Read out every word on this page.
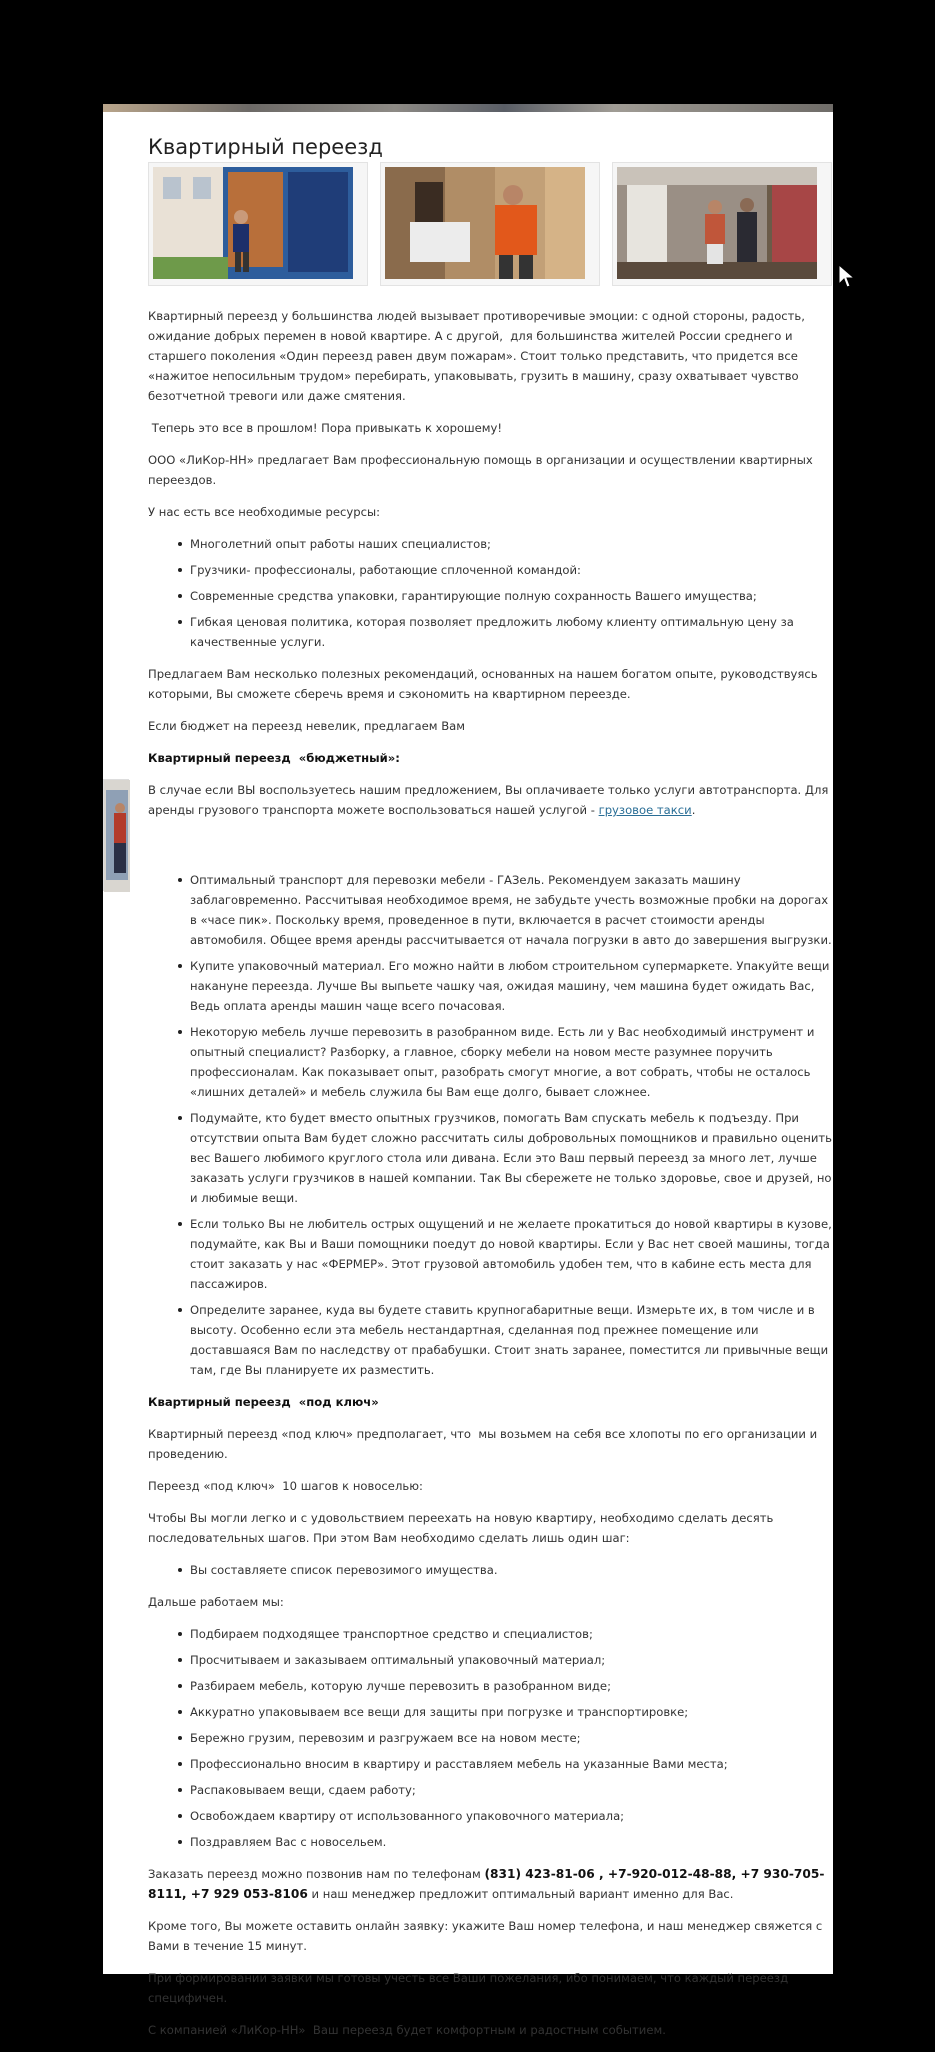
Квартирный переезд

Квартирный переезд у большинства людей вызывает противоречивые эмоции: с одной стороны, радость, ожидание добрых перемен в новой квартире. А с другой,  для большинства жителей России среднего и старшего поколения «Один переезд равен двум пожарам». Стоит только представить, что придется все «нажитое непосильным трудом» перебирать, упаковывать, грузить в машину, сразу охватывает чувство безотчетной тревоги или даже смятения.

Теперь это все в прошлом! Пора привыкать к хорошему!

ООО «ЛиКор-НН» предлагает Вам профессиональную помощь в организации и осуществлении квартирных переездов.

У нас есть все необходимые ресурсы:

Многолетний опыт работы наших специалистов;
Грузчики- профессионалы, работающие сплоченной командой:
Современные средства упаковки, гарантирующие полную сохранность Вашего имущества;
Гибкая ценовая политика, которая позволяет предложить любому клиенту оптимальную цену за качественные услуги.

Предлагаем Вам несколько полезных рекомендаций, основанных на нашем богатом опыте, руководствуясь которыми, Вы сможете сберечь время и сэкономить на квартирном переезде.

Если бюджет на переезд невелик, предлагаем Вам

Квартирный переезд  «бюджетный»:

В случае если ВЫ воспользуетесь нашим предложением, Вы оплачиваете только услуги автотранспорта. Для аренды грузового транспорта можете воспользоваться нашей услугой - грузовое такси.

Оптимальный транспорт для перевозки мебели - ГАЗель. Рекомендуем заказать машину заблаговременно. Рассчитывая необходимое время, не забудьте учесть возможные пробки на дорогах в «часе пик». Поскольку время, проведенное в пути, включается в расчет стоимости аренды автомобиля. Общее время аренды рассчитывается от начала погрузки в авто до завершения выгрузки.
Купите упаковочный материал. Его можно найти в любом строительном супермаркете. Упакуйте вещи накануне переезда. Лучше Вы выпьете чашку чая, ожидая машину, чем машина будет ожидать Вас, Ведь оплата аренды машин чаще всего почасовая.
Некоторую мебель лучше перевозить в разобранном виде. Есть ли у Вас необходимый инструмент и опытный специалист? Разборку, а главное, сборку мебели на новом месте разумнее поручить профессионалам. Как показывает опыт, разобрать смогут многие, а вот собрать, чтобы не осталось «лишних деталей» и мебель служила бы Вам еще долго, бывает сложнее.
Подумайте, кто будет вместо опытных грузчиков, помогать Вам спускать мебель к подъезду. При отсутствии опыта Вам будет сложно рассчитать силы добровольных помощников и правильно оценить вес Вашего любимого круглого стола или дивана. Если это Ваш первый переезд за много лет, лучше заказать услуги грузчиков в нашей компании. Так Вы сбережете не только здоровье, свое и друзей, но и любимые вещи.
Если только Вы не любитель острых ощущений и не желаете прокатиться до новой квартиры в кузове, подумайте, как Вы и Ваши помощники поедут до новой квартиры. Если у Вас нет своей машины, тогда стоит заказать у нас «ФЕРМЕР». Этот грузовой автомобиль удобен тем, что в кабине есть места для пассажиров.
Определите заранее, куда вы будете ставить крупногабаритные вещи. Измерьте их, в том числе и в высоту. Особенно если эта мебель нестандартная, сделанная под прежнее помещение или доставшаяся Вам по наследству от прабабушки. Стоит знать заранее, поместится ли привычные вещи там, где Вы планируете их разместить.

Квартирный переезд  «под ключ»

Квартирный переезд «под ключ» предполагает, что  мы возьмем на себя все хлопоты по его организации и проведению.

Переезд «под ключ»  10 шагов к новоселью:

Чтобы Вы могли легко и с удовольствием переехать на новую квартиру, необходимо сделать десять последовательных шагов. При этом Вам необходимо сделать лишь один шаг:

Вы составляете список перевозимого имущества.

Дальше работаем мы:

Подбираем подходящее транспортное средство и специалистов;
Просчитываем и заказываем оптимальный упаковочный материал;
Разбираем мебель, которую лучше перевозить в разобранном виде;
Аккуратно упаковываем все вещи для защиты при погрузке и транспортировке;
Бережно грузим, перевозим и разгружаем все на новом месте;
Профессионально вносим в квартиру и расставляем мебель на указанные Вами места;
Распаковываем вещи, сдаем работу;
Освобождаем квартиру от использованного упаковочного материала;
Поздравляем Вас с новосельем.

Заказать переезд можно позвонив нам по телефонам (831) 423-81-06 , +7-920-012-48-88, +7 930-705-8111, +7 929 053-8106 и наш менеджер предложит оптимальный вариант именно для Вас.

Кроме того, Вы можете оставить онлайн заявку: укажите Ваш номер телефона, и наш менеджер свяжется с Вами в течение 15 минут.

При формировании заявки мы готовы учесть все Ваши пожелания, ибо понимаем, что каждый переезд специфичен.

С компанией «ЛиКор-НН»  Ваш переезд будет комфортным и радостным событием.
